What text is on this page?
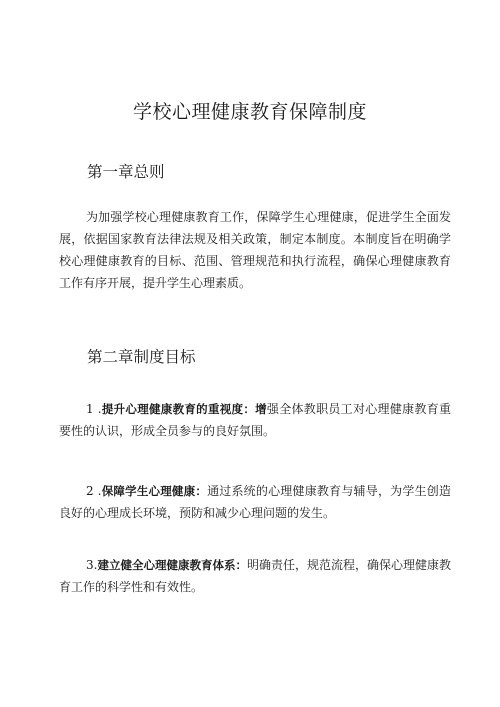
学校心理健康教育保障制度
第一章总则

为加强学校心理健康教育工作，保障学生心理健康，促进学生全面发展，依据国家教育法律法规及相关政策，制定本制度。本制度旨在明确学校心理健康教育的目标、范围、管理规范和执行流程，确保心理健康教育工作有序开展，提升学生心理素质。

第二章制度目标

1 .提升心理健康教育的重视度：增强全体教职员工对心理健康教育重要性的认识，形成全员参与的良好氛围。

2 .保障学生心理健康：通过系统的心理健康教育与辅导，为学生创造良好的心理成长环境，预防和减少心理问题的发生。

3.建立健全心理健康教育体系：明确责任，规范流程，确保心理健康教育工作的科学性和有效性。
